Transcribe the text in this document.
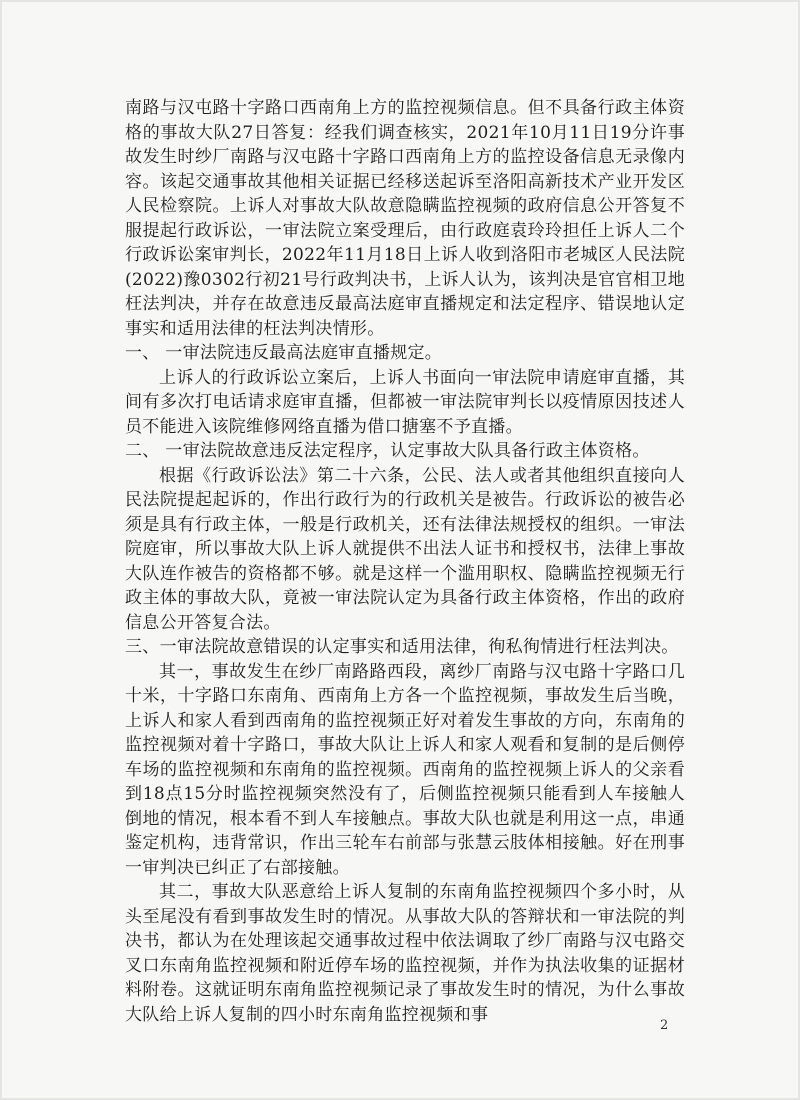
南路与汉屯路十字路口西南角上方的监控视频信息。但不具备行政主体资格的事故大队27日答复：经我们调查核实，2021年10月11日19分许事故发生时纱厂南路与汉屯路十字路口西南角上方的监控设备信息无录像内容。该起交通事故其他相关证据已经移送起诉至洛阳高新技术产业开发区人民检察院。上诉人对事故大队故意隐瞒监控视频的政府信息公开答复不服提起行政诉讼，一审法院立案受理后，由行政庭袁玲玲担任上诉人二个行政诉讼案审判长，2022年11月18日上诉人收到洛阳市老城区人民法院(2022)豫0302行初21号行政判决书，上诉人认为，该判决是官官相卫地枉法判决，并存在故意违反最高法庭审直播规定和法定程序、错误地认定事实和适用法律的枉法判决情形。

一、 一审法院违反最高法庭审直播规定。

上诉人的行政诉讼立案后，上诉人书面向一审法院申请庭审直播，其间有多次打电话请求庭审直播，但都被一审法院审判长以疫情原因技述人员不能进入该院维修网络直播为借口搪塞不予直播。

二、 一审法院故意违反法定程序，认定事故大队具备行政主体资格。

根据《行政诉讼法》第二十六条，公民、法人或者其他组织直接向人民法院提起起诉的，作出行政行为的行政机关是被告。行政诉讼的被告必须是具有行政主体，一般是行政机关，还有法律法规授权的组织。一审法院庭审，所以事故大队上诉人就提供不出法人证书和授权书，法律上事故大队连作被告的资格都不够。就是这样一个滥用职权、隐瞒监控视频无行政主体的事故大队，竟被一审法院认定为具备行政主体资格，作出的政府信息公开答复合法。

三、一审法院故意错误的认定事实和适用法律，徇私徇情进行枉法判决。

其一，事故发生在纱厂南路路西段，离纱厂南路与汉屯路十字路口几十米，十字路口东南角、西南角上方各一个监控视频，事故发生后当晚，上诉人和家人看到西南角的监控视频正好对着发生事故的方向，东南角的监控视频对着十字路口，事故大队让上诉人和家人观看和复制的是后侧停车场的监控视频和东南角的监控视频。西南角的监控视频上诉人的父亲看到18点15分时监控视频突然没有了，后侧监控视频只能看到人车接触人倒地的情况，根本看不到人车接触点。事故大队也就是利用这一点，串通鉴定机构，违背常识，作出三轮车右前部与张慧云肢体相接触。好在刑事一审判决已纠正了右部接触。

其二，事故大队恶意给上诉人复制的东南角监控视频四个多小时，从头至尾没有看到事故发生时的情况。从事故大队的答辩状和一审法院的判决书，都认为在处理该起交通事故过程中依法调取了纱厂南路与汉屯路交叉口东南角监控视频和附近停车场的监控视频，并作为执法收集的证据材料附卷。这就证明东南角监控视频记录了事故发生时的情况，为什么事故大队给上诉人复制的四小时东南角监控视频和事

2
